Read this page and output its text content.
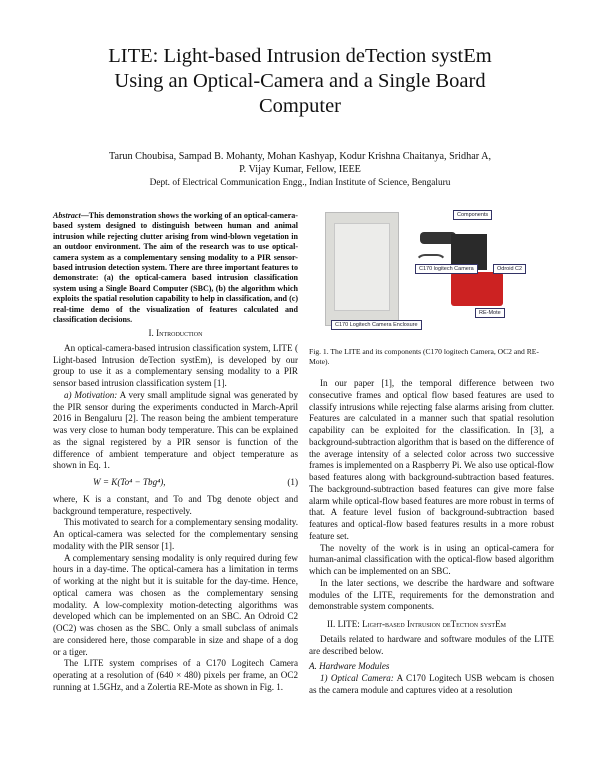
LITE: Light-based Intrusion deTection systEm
Using an Optical-Camera and a Single Board
Computer
Tarun Choubisa, Sampad B. Mohanty, Mohan Kashyap, Kodur Krishna Chaitanya, Sridhar A,
P. Vijay Kumar, Fellow, IEEE
Dept. of Electrical Communication Engg., Indian Institute of Science, Bengaluru

Abstract—This demonstration shows the working of an optical-camera-based system designed to distinguish between human and animal intrusion while rejecting clutter arising from wind-blown vegetation in an outdoor environment. The aim of the research was to use optical-camera system as a complementary sensing modality to a PIR sensor-based intrusion detection system. There are three important features to demonstrate: (a) the optical-camera based intrusion classification system using a Single Board Computer (SBC), (b) the algorithm which exploits the spatial resolution capability to help in classification, and (c) real-time demo of the visualization of features calculated and classification decisions.

I. Introduction

An optical-camera-based intrusion classification system, LITE ( Light-based Intrusion deTection systEm), is developed by our group to use it as a complementary sensing modality to a PIR sensor based intrusion classification system [1].

a) Motivation: A very small amplitude signal was generated by the PIR sensor during the experiments conducted in March-April 2016 in Bengaluru [2]. The reason being the ambient temperature was very close to human body temperature. This can be explained as the signal registered by a PIR sensor is function of the difference of ambient temperature and object temperature as shown in Eq. 1.

W = K(To⁴ − Tbg⁴),	(1)

where, K is a constant, and To and Tbg denote object and background temperature, respectively.

This motivated to search for a complementary sensing modality. An optical-camera was selected for the complementary sensing modality with the PIR sensor [1].

A complementary sensing modality is only required during few hours in a day-time. The optical-camera has a limitation in terms of working at the night but it is suitable for the day-time. Hence, optical camera was chosen as the complementary sensing modality. A low-complexity motion-detecting algorithms was developed which can be implemented on an SBC. An Odroid C2 (OC2) was chosen as the SBC. Only a small subclass of animals are considered here, those comparable in size and shape of a dog or a tiger.

The LITE system comprises of a C170 Logitech Camera operating at a resolution of (640 × 480) pixels per frame, an OC2 running at 1.5GHz, and a Zolertia RE-Mote as shown in Fig. 1.

Components
C170 logitech Camera	Odroid C2
RE-Mote
C170 Logitech Camera Enclosure
Fig. 1. The LITE and its components (C170 logitech Camera, OC2 and RE-Mote).

In our paper [1], the temporal difference between two consecutive frames and optical flow based features are used to classify intrusions while rejecting false alarms arising from clutter. Features are calculated in a manner such that spatial resolution capability can be exploited for the classification. In [3], a background-subtraction algorithm that is based on the difference of the average intensity of a selected color across two successive frames is implemented on a Raspberry Pi. We also use optical-flow based features along with background-subtraction based features. The background-subtraction based features can give more false alarm while optical-flow based features are more robust in terms of that. A feature level fusion of background-subtraction based features and optical-flow based features results in a more robust feature set.

The novelty of the work is in using an optical-camera for human-animal classification with the optical-flow based algorithm which can be implemented on an SBC.

In the later sections, we describe the hardware and software modules of the LITE, requirements for the demonstration and demonstrable system components.

II. LITE: Light-based Intrusion deTection systEm

Details related to hardware and software modules of the LITE are described below.

A. Hardware Modules

1) Optical Camera: A C170 Logitech USB webcam is chosen as the camera module and captures video at a resolution
